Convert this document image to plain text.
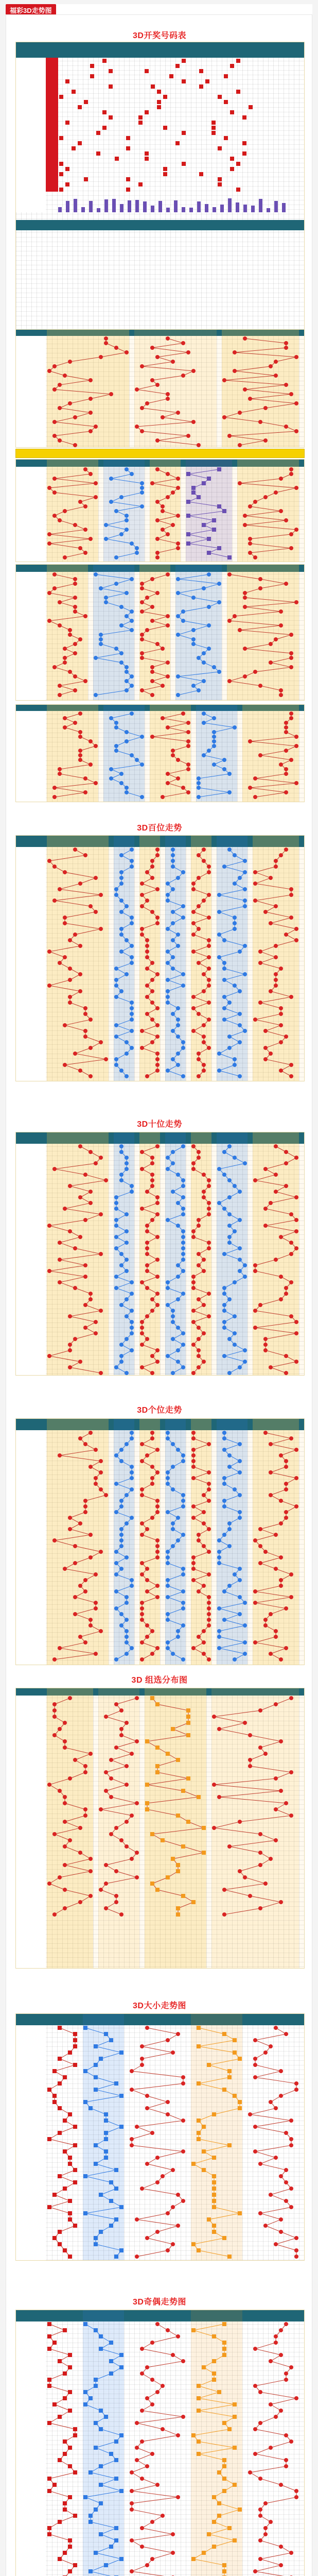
福彩3D走势图
3D开奖号码表
3D百位走势
3D十位走势
3D个位走势
3D 组选分布图
3D大小走势图
3D奇偶走势图
